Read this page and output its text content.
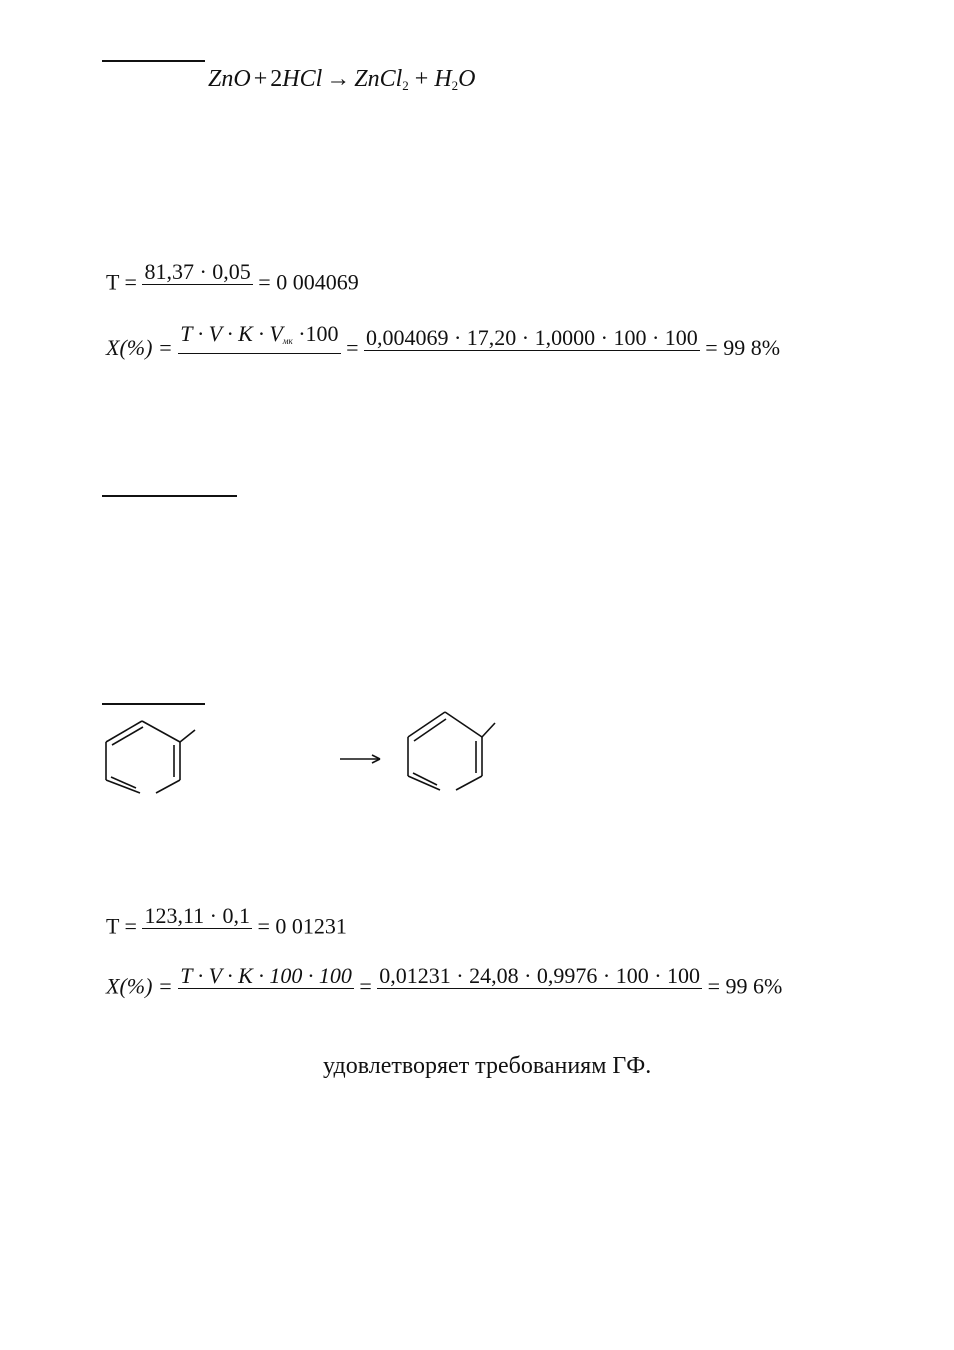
ZnO + 2HCl → ZnCl$_2$ + $H_2O$
T = 81,37 · 0,05 = 0 004069
X(%) =
T · V · K · Vмк ·100
= 0,004069 · 17,20 · 1,0000 · 100 · 100 = 99 8%
T = 123,11 · 0,1 = 0 01231
X(%) = T · V · K · 100 · 100 = 0,01231 · 24,08 · 0,9976 · 100 · 100 = 99 6%
удовлетворяет требованиям ГФ.
